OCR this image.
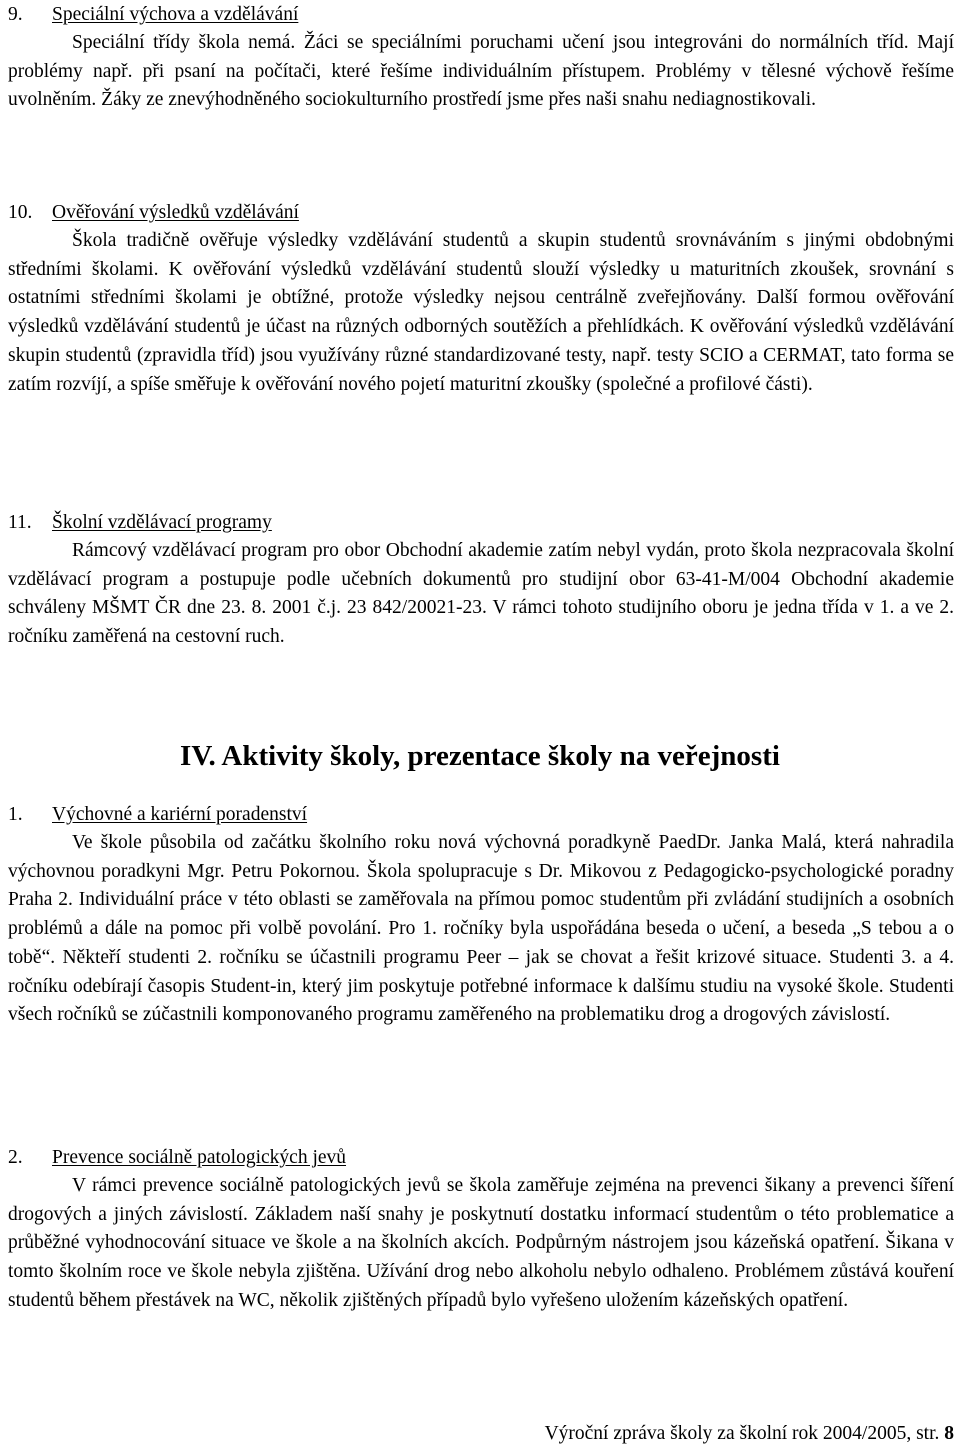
9. Speciální výchova a vzdělávání

Speciální třídy škola nemá. Žáci se speciálními poruchami učení jsou integrováni do normálních tříd. Mají problémy např. při psaní na počítači, které řešíme individuálním přístupem. Problémy v tělesné výchově řešíme uvolněním. Žáky ze znevýhodněného sociokulturního prostředí jsme přes naši snahu nediagnostikovali.

10. Ověřování výsledků vzdělávání

Škola tradičně ověřuje výsledky vzdělávání studentů a skupin studentů srovnáváním s jinými obdobnými středními školami. K ověřování výsledků vzdělávání studentů slouží výsledky u maturitních zkoušek, srovnání s ostatními středními školami je obtížné, protože výsledky nejsou centrálně zveřejňovány. Další formou ověřování výsledků vzdělávání studentů je účast na různých odborných soutěžích a přehlídkách. K ověřování výsledků vzdělávání skupin studentů (zpravidla tříd) jsou využívány různé standardizované testy, např. testy SCIO a CERMAT, tato forma se zatím rozvíjí, a spíše směřuje k ověřování nového pojetí maturitní zkoušky (společné a profilové části).

11. Školní vzdělávací programy

Rámcový vzdělávací program pro obor Obchodní akademie zatím nebyl vydán, proto škola nezpracovala školní vzdělávací program a postupuje podle učebních dokumentů pro studijní obor 63-41-M/004 Obchodní akademie schváleny MŠMT ČR dne 23. 8. 2001 č.j. 23 842/20021-23. V rámci tohoto studijního oboru je jedna třída v 1. a ve 2. ročníku zaměřená na cestovní ruch.

IV. Aktivity školy, prezentace školy na veřejnosti
1. Výchovné a kariérní poradenství

Ve škole působila od začátku školního roku nová výchovná poradkyně PaedDr. Janka Malá, která nahradila výchovnou poradkyni Mgr. Petru Pokornou. Škola spolupracuje s Dr. Mikovou z Pedagogicko-psychologické poradny Praha 2. Individuální práce v této oblasti se zaměřovala na přímou pomoc studentům při zvládání studijních a osobních problémů a dále na pomoc při volbě povolání. Pro 1. ročníky byla uspořádána beseda o učení, a beseda „S tebou a o tobě“. Někteří studenti 2. ročníku se účastnili programu Peer – jak se chovat a řešit krizové situace. Studenti 3. a 4. ročníku odebírají časopis Student-in, který jim poskytuje potřebné informace k dalšímu studiu na vysoké škole. Studenti všech ročníků se zúčastnili komponovaného programu zaměřeného na problematiku drog a drogových závislostí.

2. Prevence sociálně patologických jevů

V rámci prevence sociálně patologických jevů se škola zaměřuje zejména na prevenci šikany a prevenci šíření drogových a jiných závislostí. Základem naší snahy je poskytnutí dostatku informací studentům o této problematice a průběžné vyhodnocování situace ve škole a na školních akcích. Podpůrným nástrojem jsou kázeňská opatření. Šikana v tomto školním roce ve škole nebyla zjištěna. Užívání drog nebo alkoholu nebylo odhaleno. Problémem zůstává kouření studentů během přestávek na WC, několik zjištěných případů bylo vyřešeno uložením kázeňských opatření.

Výroční zpráva školy za školní rok 2004/2005, str. 8
